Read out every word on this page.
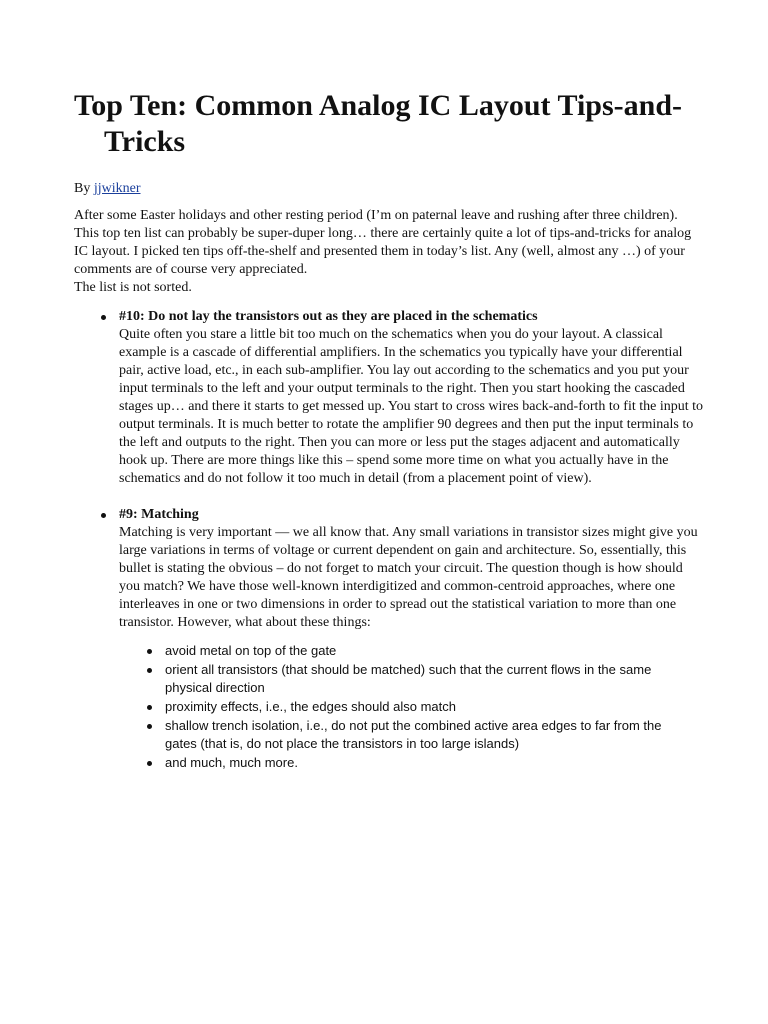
Top Ten: Common Analog IC Layout Tips-and-Tricks
By jjwikner

After some Easter holidays and other resting period (I’m on paternal leave and rushing after three children).

This top ten list can probably be super-duper long… there are certainly quite a lot of tips-and-tricks for analog IC layout. I picked ten tips off-the-shelf and presented them in today’s list. Any (well, almost any …) of your comments are of course very appreciated.

The list is not sorted.

#10: Do not lay the transistors out as they are placed in the schematics

Quite often you stare a little bit too much on the schematics when you do your layout. A classical example is a cascade of differential amplifiers. In the schematics you typically have your differential pair, active load, etc., in each sub-amplifier. You lay out according to the schematics and you put your input terminals to the left and your output terminals to the right. Then you start hooking the cascaded stages up… and there it starts to get messed up. You start to cross wires back-and-forth to fit the input to output terminals. It is much better to rotate the amplifier 90 degrees and then put the input terminals to the left and outputs to the right. Then you can more or less put the stages adjacent and automatically hook up. There are more things like this – spend some more time on what you actually have in the schematics and do not follow it too much in detail (from a placement point of view).

#9: Matching

Matching is very important — we all know that. Any small variations in transistor sizes might give you large variations in terms of voltage or current dependent on gain and architecture. So, essentially, this bullet is stating the obvious – do not forget to match your circuit. The question though is how should you match? We have those well-known interdigitized and common-centroid approaches, where one interleaves in one or two dimensions in order to spread out the statistical variation to more than one transistor. However, what about these things:

avoid metal on top of the gate
orient all transistors (that should be matched) such that the current flows in the same physical direction
proximity effects, i.e., the edges should also match
shallow trench isolation, i.e., do not put the combined active area edges to far from the gates (that is, do not place the transistors in too large islands)
and much, much more.
